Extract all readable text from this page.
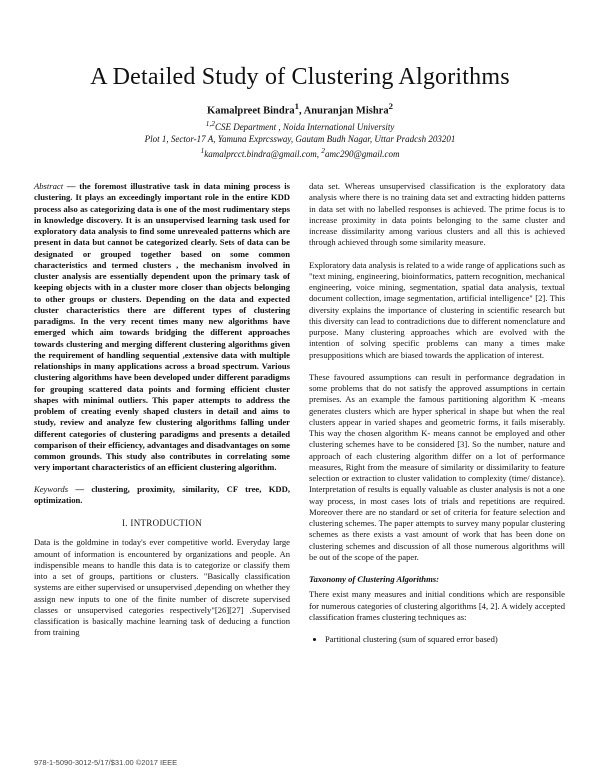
A Detailed Study of Clustering Algorithms
Kamalpreet Bindra$^1$, Anuranjan Mishra$^2$
$^{1,2}$CSE Department , Noida International University
Plot 1, Sector-17 A, Yamuna Exprcssway, Gautam Budh Nagar, Uttar Pradcsh 203201
$^1$kamalprcct.bindra@gmail.com, $^2$amc290@gmail.com

Abstract — the foremost illustrative task in data mining process is clustering. It plays an exceedingly important role in the entire KDD process also as categorizing data is one of the most rudimentary steps in knowledge discovery. It is an unsupervised learning task used for exploratory data analysis to find some unrevealed patterns which are present in data but cannot be categorized clearly. Sets of data can be designated or grouped together based on some common characteristics and termed clusters , the mechanism involved in cluster analysis are essentially dependent upon the primary task of keeping objects with in a cluster more closer than objects belonging to other groups or clusters. Depending on the data and expected cluster characteristics there are different types of clustering paradigms. In the very recent times many new algorithms have emerged which aim towards bridging the different approaches towards clustering and merging different clustering algorithms given the requirement of handling sequential ,extensive data with multiple relationships in many applications across a broad spectrum. Various clustering algorithms have been developed under different paradigms for grouping scattered data points and forming efficient cluster shapes with minimal outliers. This paper attempts to address the problem of creating evenly shaped clusters in detail and aims to study, review and analyze few clustering algorithms falling under different categories of clustering paradigms and presents a detailed comparison of their efficiency, advantages and disadvantages on some common grounds. This study also contributes in correlating some very important characteristics of an efficient clustering algorithm.

Keywords — clustering, proximity, similarity, CF tree, KDD, optimization.

I. INTRODUCTION

Data is the goldmine in today's ever competitive world. Everyday large amount of information is encountered by organizations and people. An indispensible means to handle this data is to categorize or classify them into a set of groups, partitions or clusters. "Basically classification systems are either supervised or unsupervised ,depending on whether they assign new inputs to one of the finite number of discrete supervised classes or unsupervised categories respectively"[26][27] .Supervised classification is basically machine learning task of deducing a function from training

data set. Whereas unsupervised classification is the exploratory data analysis where there is no training data set and extracting hidden patterns in data set with no labelled responses is achieved. The prime focus is to increase proximity in data points belonging to the same cluster and increase dissimilarity among various clusters and all this is achieved through achieved through some similarity measure.

Exploratory data analysis is related to a wide range of applications such as "text mining, engineering, bioinformatics, pattern recognition, mechanical engineering, voice mining, segmentation, spatial data analysis, textual document collection, image segmentation, artificial intelligence" [2]. This diversity explains the importance of clustering in scientific research but this diversity can lead to contradictions due to different nomenclature and purpose. Many clustering approaches which are evolved with the intention of solving specific problems can many a times make presuppositions which are biased towards the application of interest.

These favoured assumptions can result in performance degradation in some problems that do not satisfy the approved assumptions in certain premises. As an example the famous partitioning algorithm K -means generates clusters which are hyper spherical in shape but when the real clusters appear in varied shapes and geometric forms, it fails miserably. This way the chosen algorithm K- means cannot be employed and other clustering schemes have to be considered [3]. So the number, nature and approach of each clustering algorithm differ on a lot of performance measures, Right from the measure of similarity or dissimilarity to feature selection or extraction to cluster validation to complexity (time/ distance). Interpretation of results is equally valuable as cluster analysis is not a one way process, in most cases lots of trials and repetitions are required. Moreover there are no standard or set of criteria for feature selection and clustering schemes. The paper attempts to survey many popular clustering schemes as there exists a vast amount of work that has been done on clustering schemes and discussion of all those numerous algorithms will be out of the scope of the paper.

Taxonomy of Clustering Algorithms:

There exist many measures and initial conditions which are responsible for numerous categories of clustering algorithms [4, 2]. A widely accepted classification frames clustering techniques as:

• Partitional clustering (sum of squared error based)
978-1-5090-3012-5/17/$31.00 ©2017 IEEE
